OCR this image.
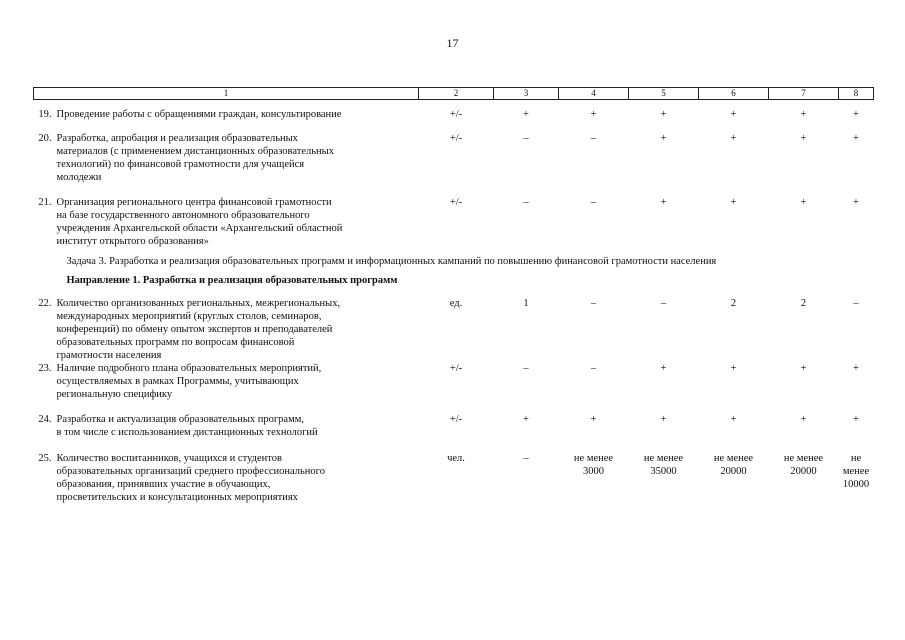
17
1		2	3	4	5	6	7	8

19.	Проведение работы с обращениями граждан, консультирование	+/-	+	+	+	+	+	+

20.	Разработка, апробация и реализация образовательных
материалов (с применением дистанционных образовательных
технологий) по финансовой грамотности для учащейся
молодежи	+/-	–	–	+	+	+	+

21.	Организация регионального центра финансовой грамотности
на базе государственного автономного образовательного
учреждения Архангельской области «Архангельский областной
институт открытого образования»	+/-	–	–	+	+	+	+

Задача 3. Разработка и реализация образовательных программ и информационных кампаний по повышению финансовой грамотности населения								

Направление 1. Разработка и реализация образовательных программ								

22.	Количество организованных региональных, межрегиональных,
международных мероприятий (круглых столов, семинаров,
конференций) по обмену опытом экспертов и преподавателей
образовательных программ по вопросам финансовой
грамотности населения	ед.	1	–	–	2	2	–

23.	Наличие подробного плана образовательных мероприятий,
осуществляемых в рамках Программы, учитывающих
региональную специфику	+/-	–	–	+	+	+	+

24.	Разработка и актуализация образовательных программ,
в том числе с использованием дистанционных технологий	+/-	+	+	+	+	+	+

25.	Количество воспитанников, учащихся и студентов
образовательных организаций среднего профессионального
образования, принявших участие в обучающих,
просветительских и консультационных мероприятиях	чел.	–	не менее
3000	не менее
35000	не менее
20000	не менее
20000	не менее
10000
